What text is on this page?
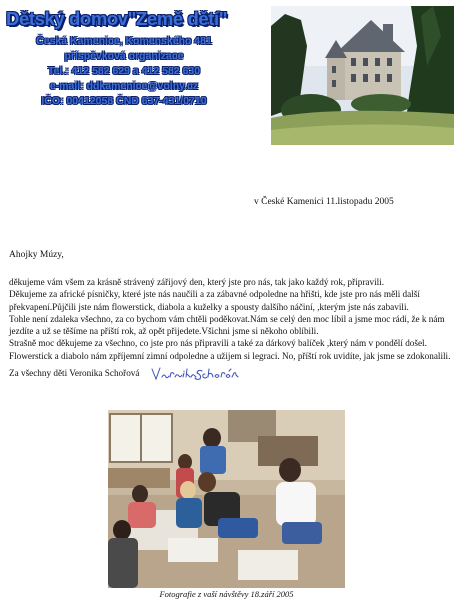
Dětský domov"Země dětí"
Česká Kamenice, Komenského 481
příspěvková organizace
Tel.: 412 582 629 a 412 582 630
e-mail: ddkamenice@volny.cz
IČO: 00412058 ČND 637-431/0710
v České Kamenici 11.listopadu 2005
Ahojky Múzy,

děkujeme vám všem za krásně strávený zářijový den, který jste pro nás, tak jako každý rok, připravili.

Děkujeme za africké písničky, které jste nás naučili a za zábavné odpoledne na hřišti, kde jste pro nás měli další překvapení.Půjčili jste nám flowerstick, diabola a kuželky a spousty dalšího náčiní, ,kterým jste nás zabavili.

Tohle není zdaleka všechno, za co bychom vám chtěli poděkovat.Nám se celý den moc líbil a jsme moc rádi, že k nám jezdíte a už se těšíme na příští rok, až opět přijedete.Všichni jsme si někoho oblíbili.

Strašně moc děkujeme za všechno, co jste pro nás připravili a také za dárkový balíček ,který nám v pondělí došel. Flowerstick a diabolo nám zpříjemní zimní odpoledne a užijem si legraci. No, příští rok uvidíte, jak jsme se zdokonalili.

Za všechny děti Veronika Schořová
Fotografie z vaší návštěvy 18.září 2005
